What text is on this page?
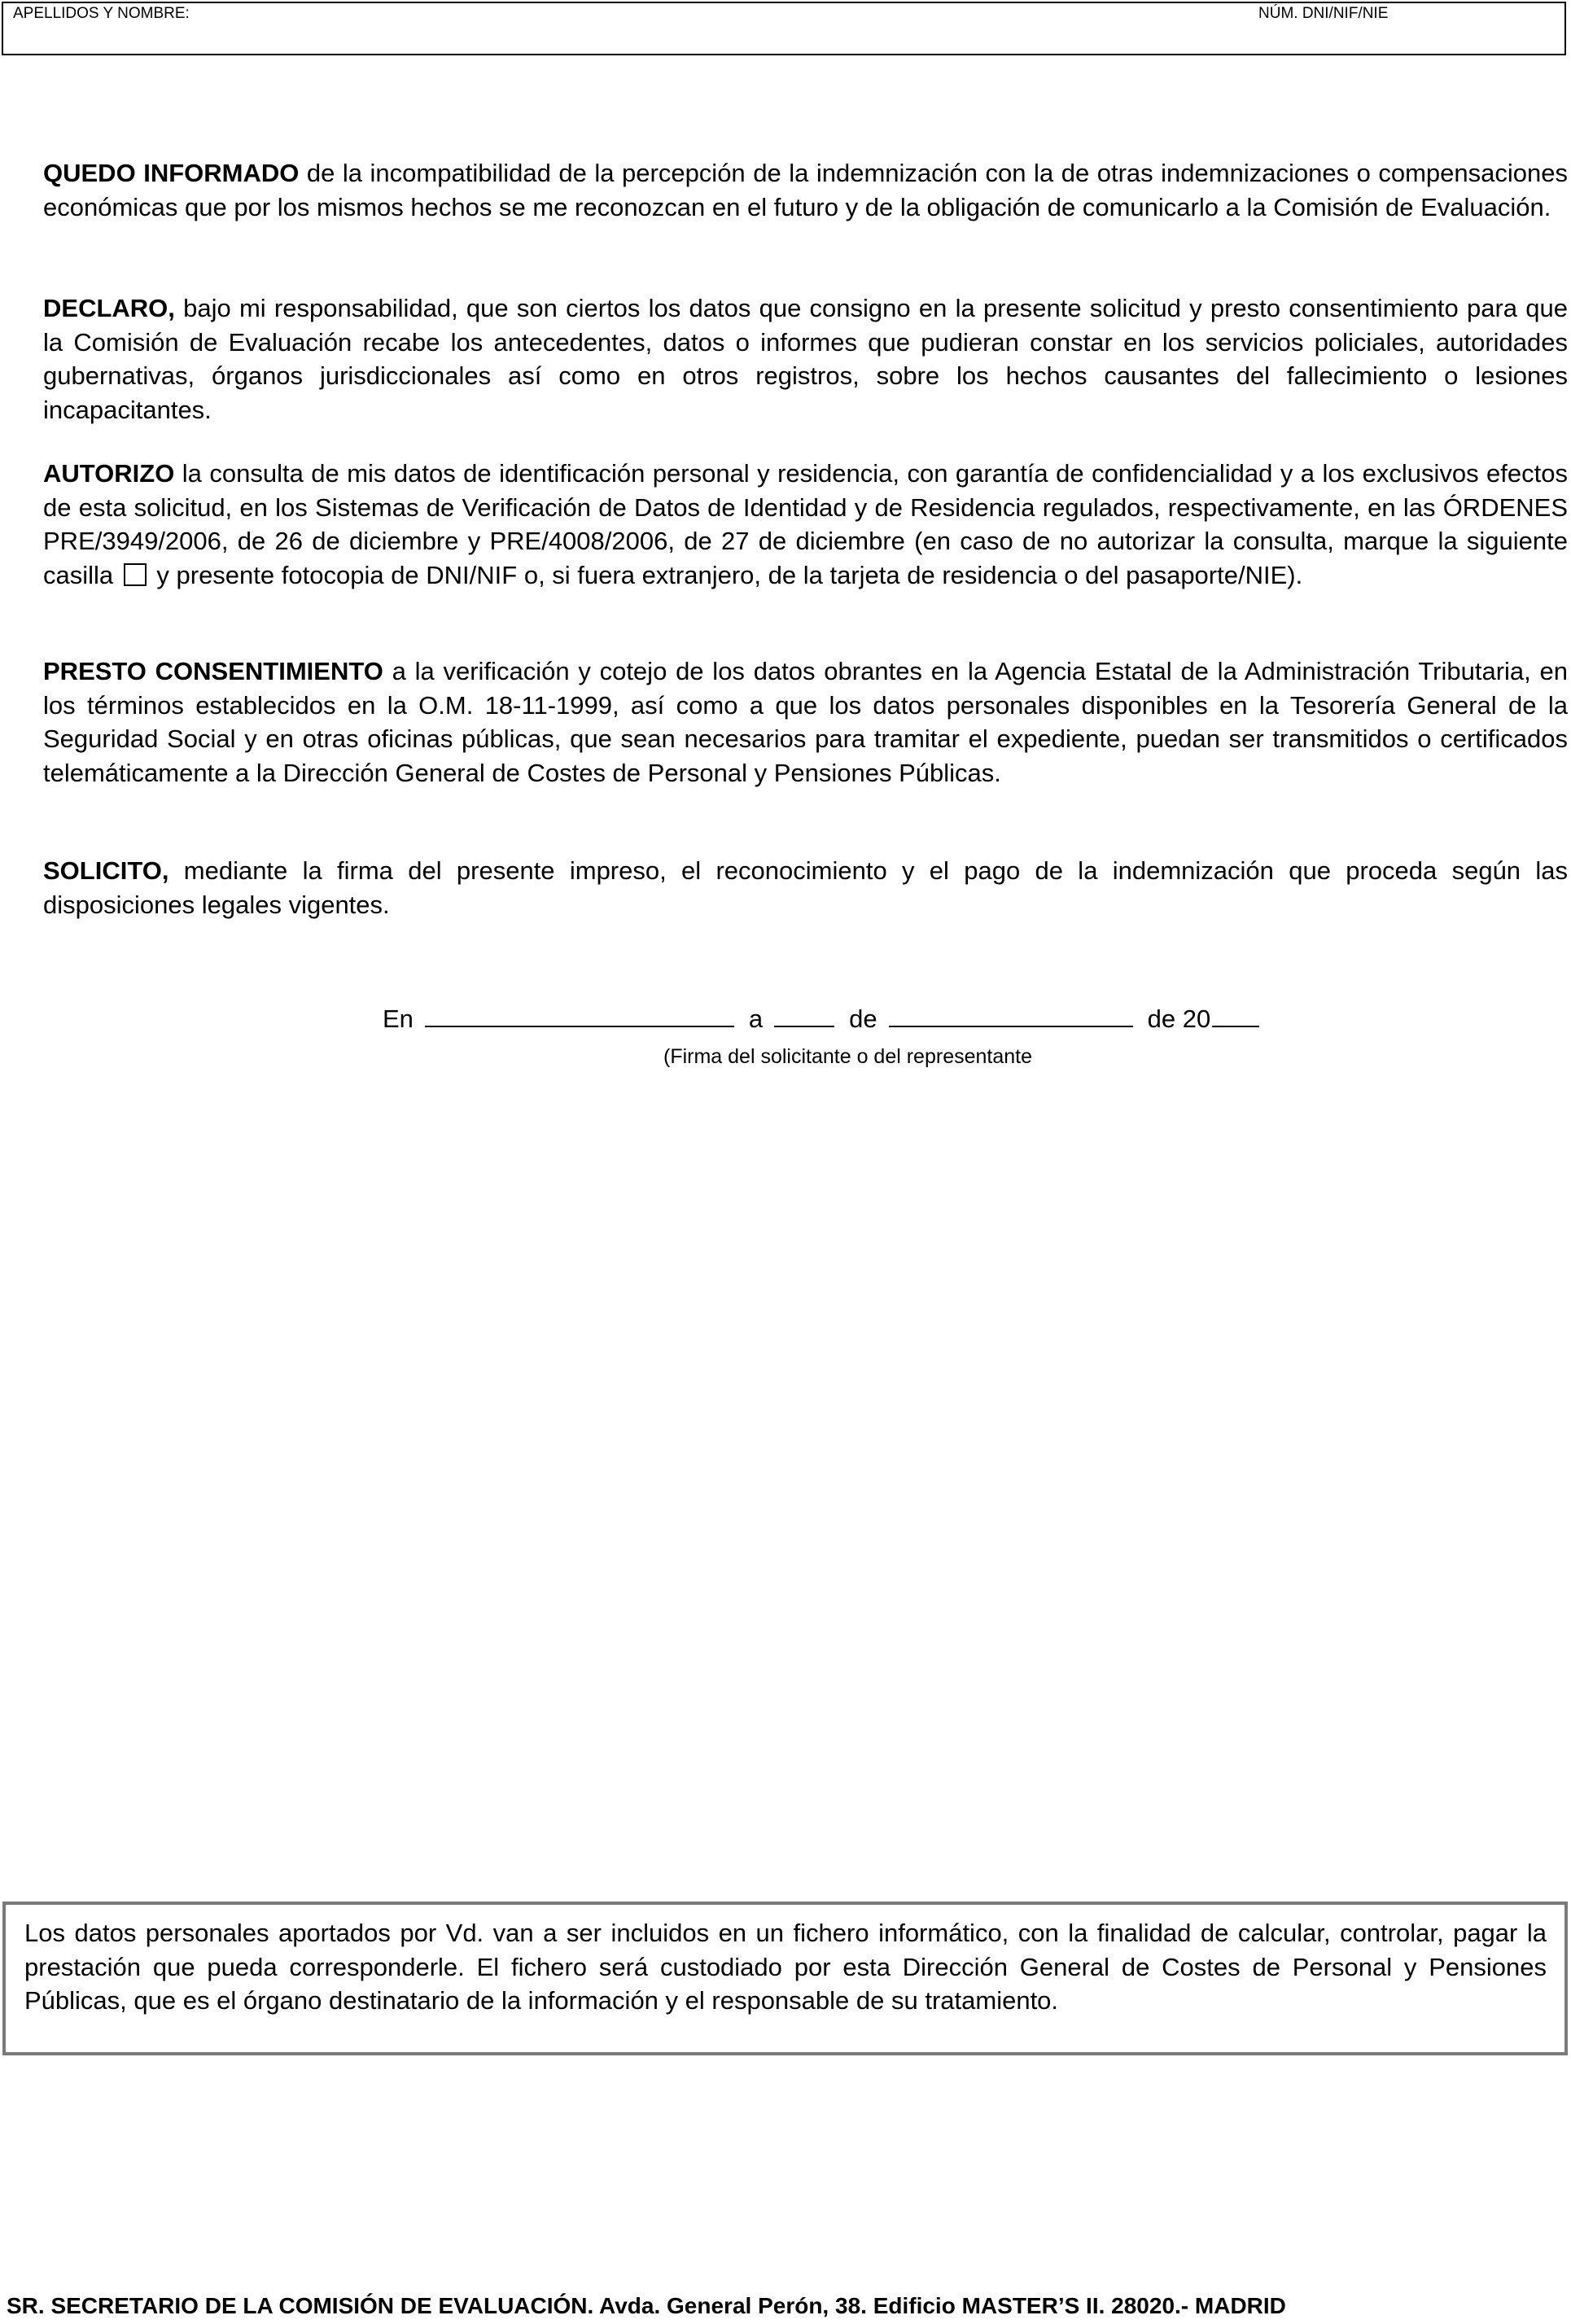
APELLIDOS Y NOMBRE:	NÚM. DNI/NIF/NIE

QUEDO INFORMADO de la incompatibilidad de la percepción de la indemnización con la de otras indemnizaciones o compensaciones económicas que por los mismos hechos se me reconozcan en el futuro y de la obligación de comunicarlo a la Comisión de Evaluación.

DECLARO, bajo mi responsabilidad, que son ciertos los datos que consigno en la presente solicitud y presto consentimiento para que la Comisión de Evaluación recabe los antecedentes, datos o informes que pudieran constar en los servicios policiales, autoridades gubernativas, órganos jurisdiccionales así como en otros registros, sobre los hechos causantes del fallecimiento o lesiones incapacitantes.

AUTORIZO la consulta de mis datos de identificación personal y residencia, con garantía de confidencialidad y a los exclusivos efectos de esta solicitud, en los Sistemas de Verificación de Datos de Identidad y de Residencia regulados, respectivamente, en las ÓRDENES PRE/3949/2006, de 26 de diciembre y PRE/4008/2006, de 27 de diciembre (en caso de no autorizar la consulta, marque la siguiente casilla  y presente fotocopia de DNI/NIF o, si fuera extranjero, de la tarjeta de residencia o del pasaporte/NIE).

PRESTO CONSENTIMIENTO a la verificación y cotejo de los datos obrantes en la Agencia Estatal de la Administración Tributaria, en los términos establecidos en la O.M. 18-11-1999, así como a que los datos personales disponibles en la Tesorería General de la Seguridad Social y en otras oficinas públicas, que sean necesarios para tramitar el expediente, puedan ser transmitidos o certificados telemáticamente a la Dirección General de Costes de Personal y Pensiones Públicas.

SOLICITO, mediante la firma del presente impreso, el reconocimiento y el pago de la indemnización que proceda según las disposiciones legales vigentes.

En	a	de	de 20
(Firma del solicitante o del representante

Los datos personales aportados por Vd. van a ser incluidos en un fichero informático, con la finalidad de calcular, controlar, pagar la prestación que pueda corresponderle. El fichero será custodiado por esta Dirección General de Costes de Personal y Pensiones Públicas, que es el órgano destinatario de la información y el responsable de su tratamiento.

SR. SECRETARIO DE LA COMISIÓN DE EVALUACIÓN. Avda. General Perón, 38. Edificio MASTER’S II. 28020.- MADRID
